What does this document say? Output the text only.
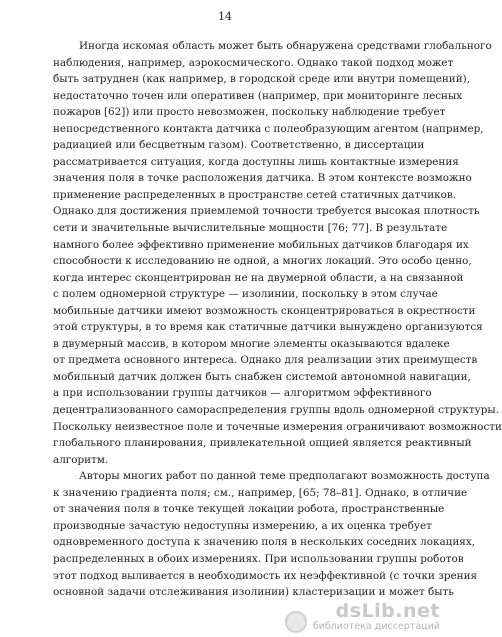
14
Иногда искомая область может быть обнаружена средствами глобального
наблюдения, например, аэрокосмического. Однако такой подход может
быть затруднен (как например, в городской среде или внутри помещений),
недостаточно точен или оперативен (например, при мониторинге лесных
пожаров [62]) или просто невозможен, поскольку наблюдение требует
непосредственного контакта датчика с полеобразующим агентом (например,
радиацией или бесцветным газом). Соответственно, в диссертации
рассматривается ситуация, когда доступны лишь контактные измерения
значения поля в точке расположения датчика. В этом контексте возможно
применение распределенных в пространстве сетей статичных датчиков.
Однако для достижения приемлемой точности требуется высокая плотность
сети и значительные вычислительные мощности [76; 77]. В результате
намного более эффективно применение мобильных датчиков благодаря их
способности к исследованию не одной, а многих локаций. Это особо ценно,
когда интерес сконцентрирован не на двумерной области, а на связанной
с полем одномерной структуре — изолинии, поскольку в этом случае
мобильные датчики имеют возможность сконцентрироваться в окрестности
этой структуры, в то время как статичные датчики вынуждено организуются
в двумерный массив, в котором многие элементы оказываются вдалеке
от предмета основного интереса. Однако для реализации этих преимуществ
мобильный датчик должен быть снабжен системой автономной навигации,
а при использовании группы датчиков — алгоритмом эффективного
децентрализованного самораспределения группы вдоль одномерной структуры.
Поскольку неизвестное поле и точечные измерения ограничивают возможности
глобального планирования, привлекательной опцией является реактивный
алгоритм.
Авторы многих работ по данной теме предполагают возможность доступа
к значению градиента поля; см., например, [65; 78–81]. Однако, в отличие
от значения поля в точке текущей локации робота, пространственные
производные зачастую недоступны измерению, а их оценка требует
одновременного доступа к значению поля в нескольких соседних локациях,
распределенных в обоих измерениях. При использовании группы роботов
этот подход выливается в необходимость их неэффективной (с точки зрения
основной задачи отслеживания изолинии) кластеризации и может быть
dsLib.net
библиотека диссертаций
